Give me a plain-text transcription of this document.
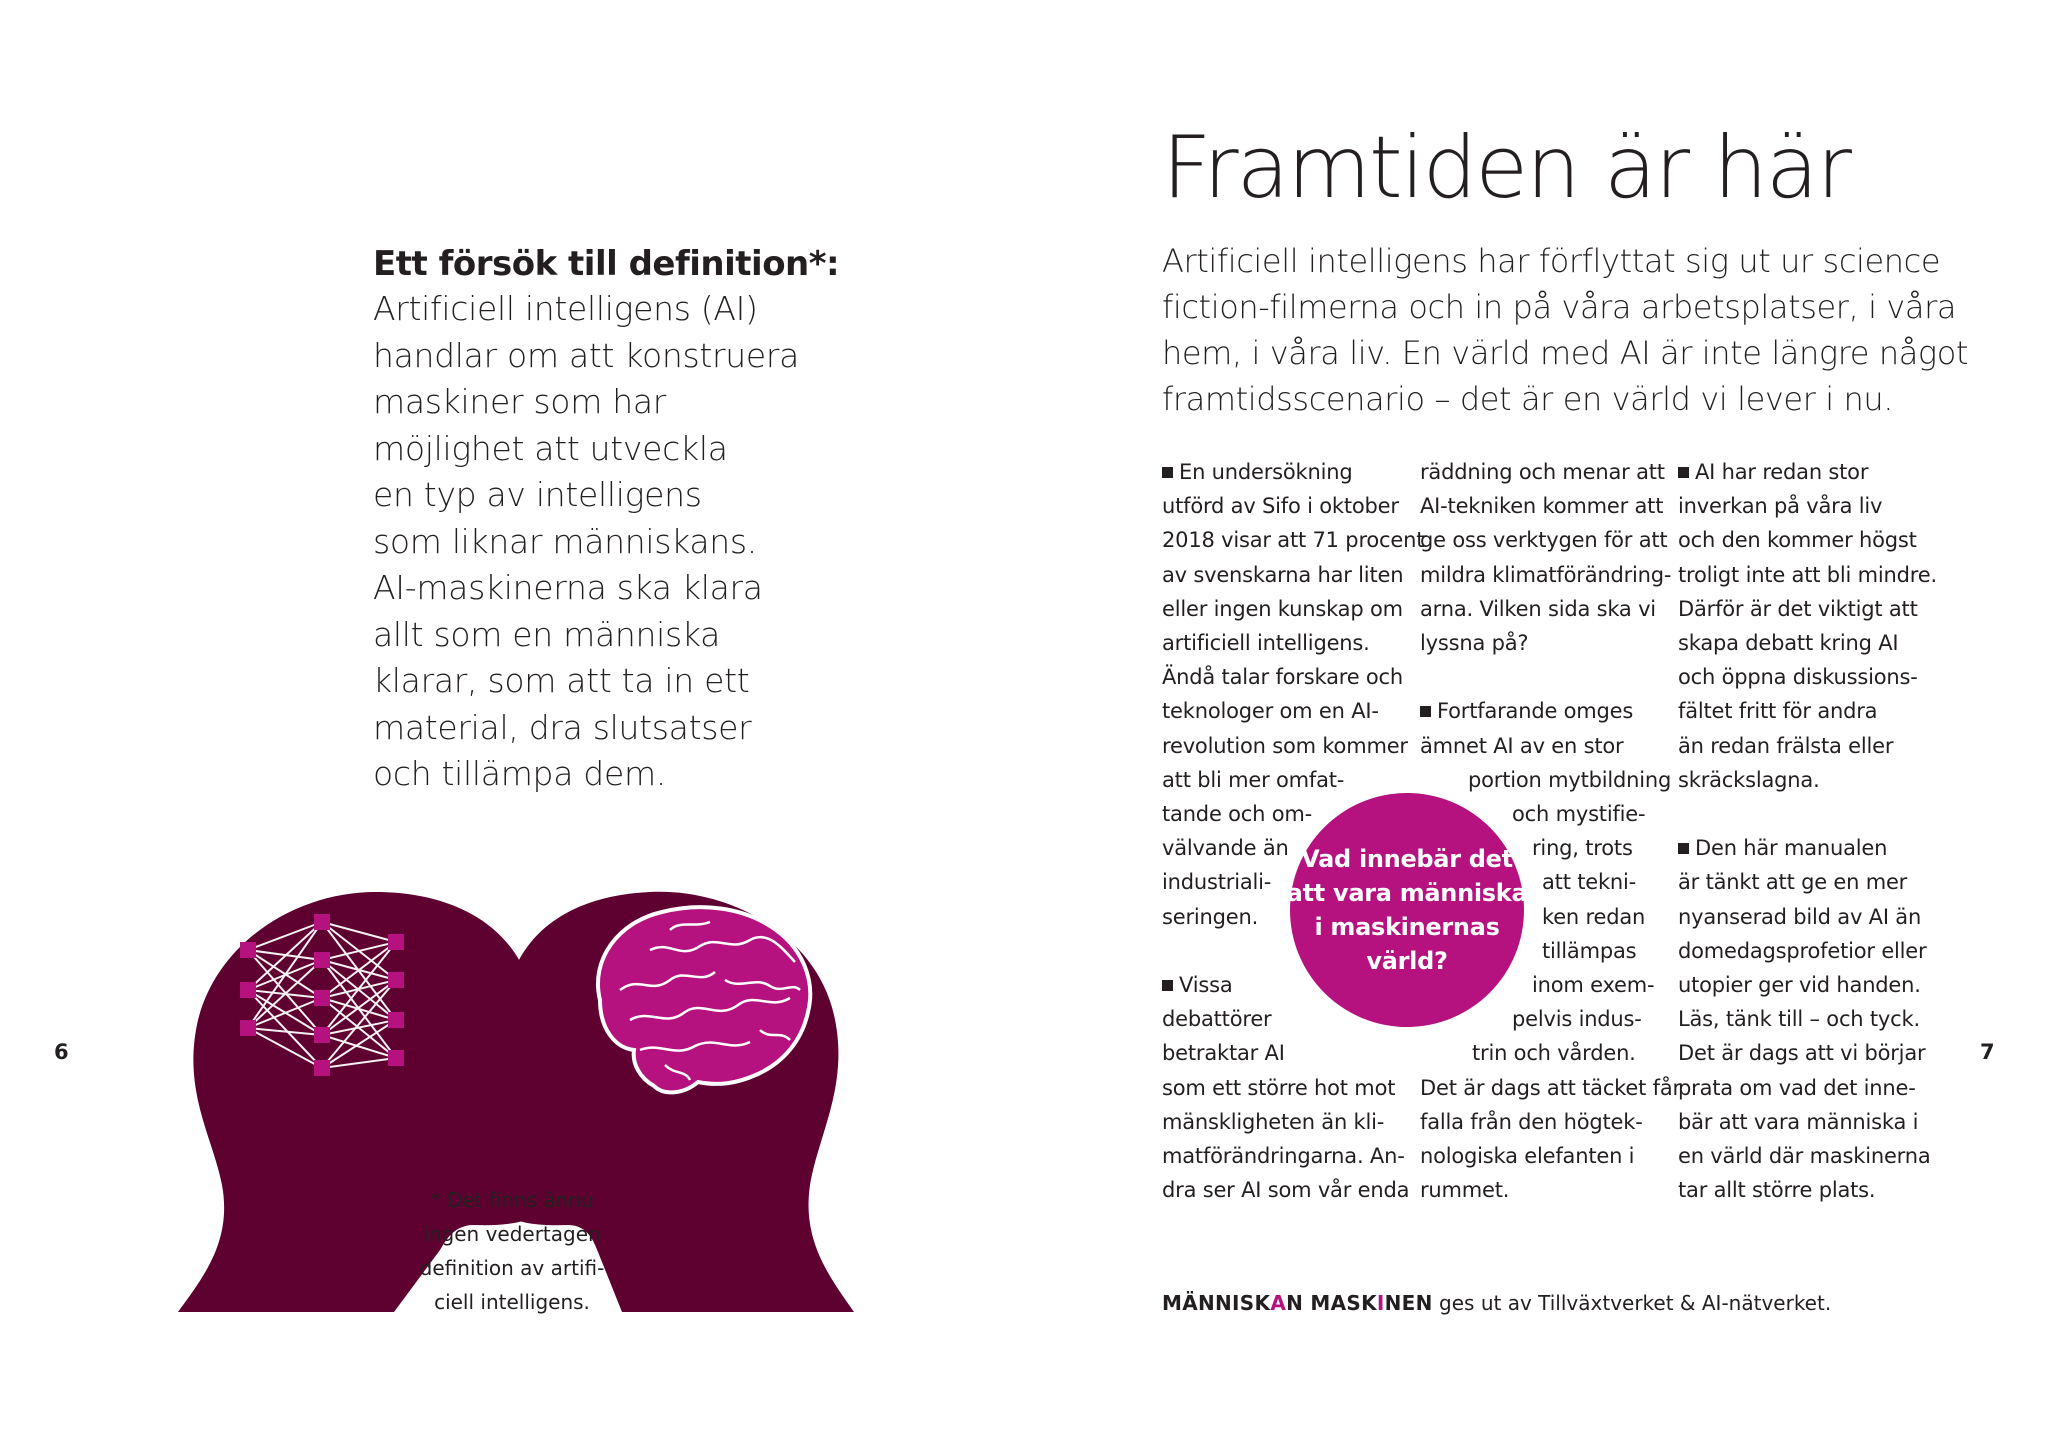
Ett försök till definition*:
Artificiell intelligens (AI)
handlar om att konstruera
maskiner som har
möjlighet att utveckla
en typ av intelligens
som liknar människans.
AI-maskinerna ska klara
allt som en människa
klarar, som att ta in ett
material, dra slutsatser
och tillämpa dem.
* Det finns ännu
ingen vedertagen
definition av artifi-
ciell intelligens.
6
Framtiden är här
Artificiell intelligens har förflyttat sig ut ur science
fiction-filmerna och in på våra arbetsplatser, i våra
hem, i våra liv. En värld med AI är inte längre något
framtidsscenario – det är en värld vi lever i nu.
En undersökning
utförd av Sifo i oktober
2018 visar att 71 procent
av svenskarna har liten
eller ingen kunskap om
artificiell intelligens.
Ändå talar forskare och
teknologer om en AI-
revolution som kommer
att bli mer omfat-
tande och om-
välvande än
industriali-
seringen.
Vissa
debattörer
betraktar AI
som ett större hot mot
mänskligheten än kli-
matförändringarna. An-
dra ser AI som vår enda
räddning och menar att
AI-tekniken kommer att
ge oss verktygen för att
mildra klimatförändring-
arna. Vilken sida ska vi
lyssna på?
Fortfarande omges
ämnet AI av en stor
portion mytbildning
och mystifie-
ring, trots
att tekni-
ken redan
tillämpas
inom exem-
pelvis indus-
trin och vården.
Det är dags att täcket får
falla från den högtek-
nologiska elefanten i
rummet.
AI har redan stor
inverkan på våra liv
och den kommer högst
troligt inte att bli mindre.
Därför är det viktigt att
skapa debatt kring AI
och öppna diskussions-
fältet fritt för andra
än redan frälsta eller
skräckslagna.
Den här manualen
är tänkt att ge en mer
nyanserad bild av AI än
domedagsprofetior eller
utopier ger vid handen.
Läs, tänk till – och tyck.
Det är dags att vi börjar
prata om vad det inne-
bär att vara människa i
en värld där maskinerna
tar allt större plats.
Vad innebär det
att vara människa
i maskinernas
värld?
MÄNNISKAN MASKINEN ges ut av Tillväxtverket & AI-nätverket.
7
